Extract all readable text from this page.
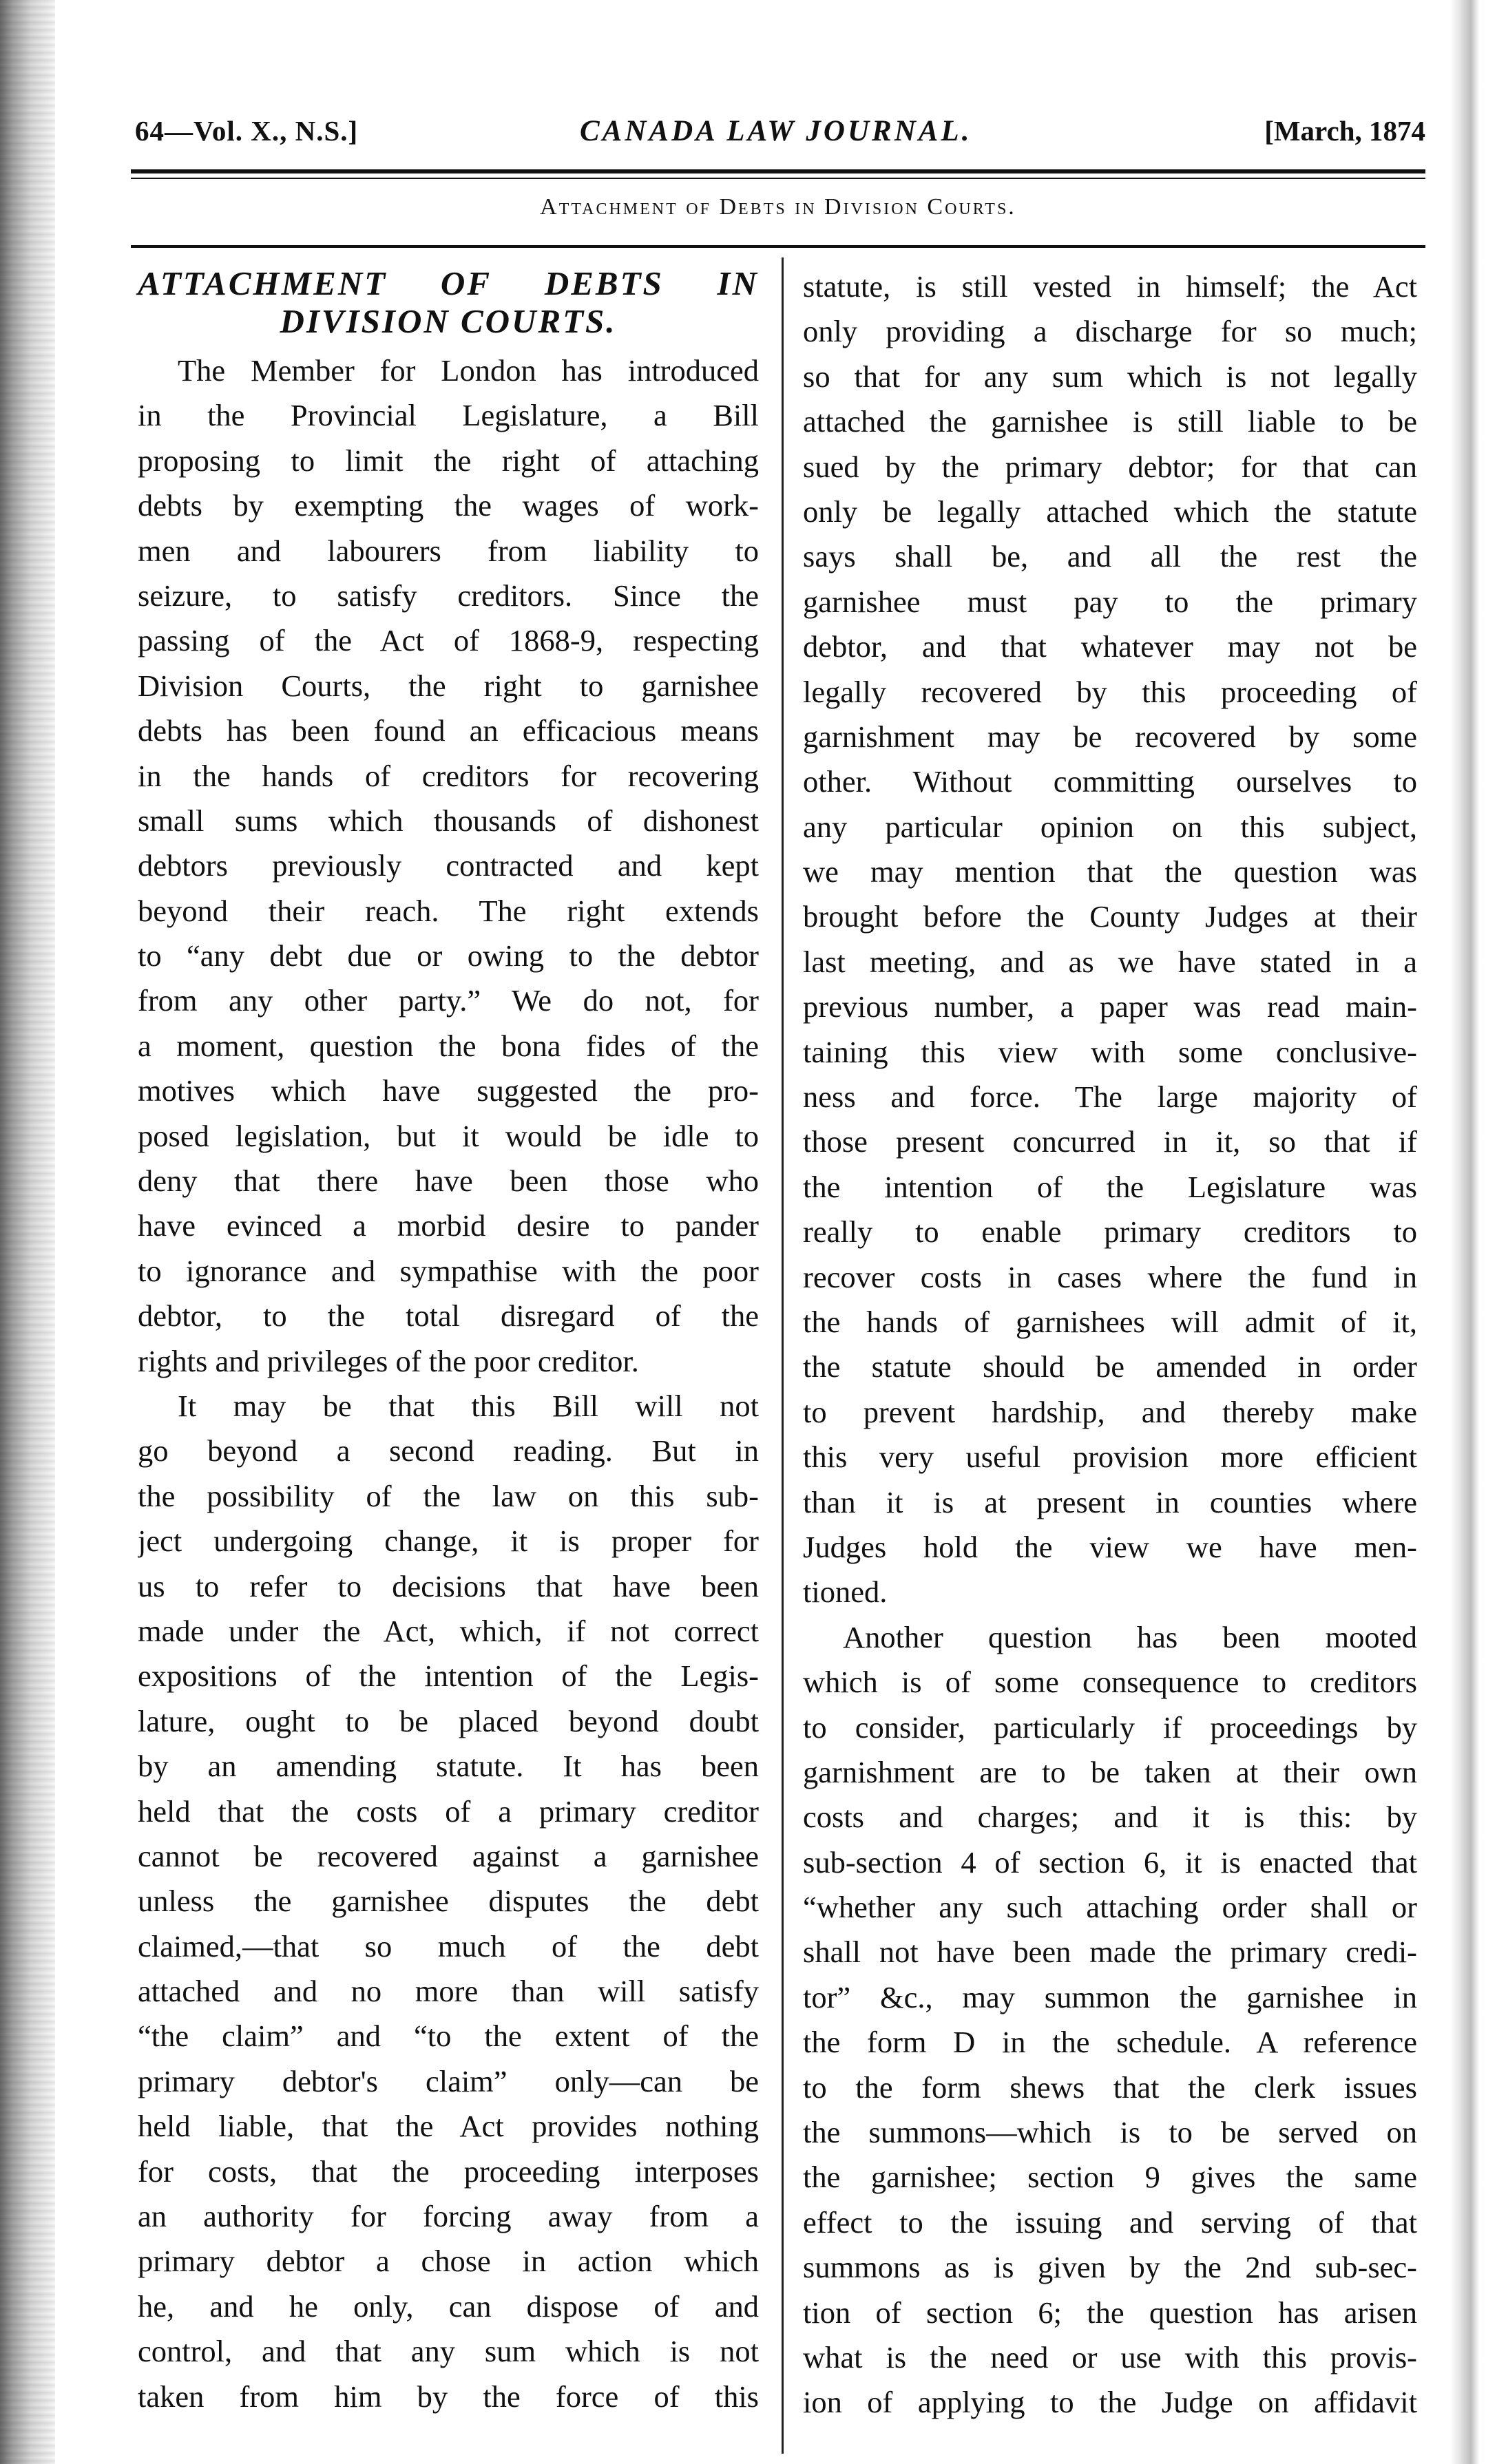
64—Vol. X., N.S.]	CANADA LAW JOURNAL.	[March, 1874
Attachment of Debts in Division Courts.
ATTACHMENT OF DEBTS IN
DIVISION COURTS.
The Member for London has introduced
in the Provincial Legislature, a Bill
proposing to limit the right of attaching
debts by exempting the wages of work-
men and labourers from liability to
seizure, to satisfy creditors. Since the
passing of the Act of 1868-9, respecting
Division Courts, the right to garnishee
debts has been found an efficacious means
in the hands of creditors for recovering
small sums which thousands of dishonest
debtors previously contracted and kept
beyond their reach. The right extends
to “any debt due or owing to the debtor
from any other party.” We do not, for
a moment, question the bona fides of the
motives which have suggested the pro-
posed legislation, but it would be idle to
deny that there have been those who
have evinced a morbid desire to pander
to ignorance and sympathise with the poor
debtor, to the total disregard of the
rights and privileges of the poor creditor.
It may be that this Bill will not
go beyond a second reading. But in
the possibility of the law on this sub-
ject undergoing change, it is proper for
us to refer to decisions that have been
made under the Act, which, if not correct
expositions of the intention of the Legis-
lature, ought to be placed beyond doubt
by an amending statute. It has been
held that the costs of a primary creditor
cannot be recovered against a garnishee
unless the garnishee disputes the debt
claimed,—that so much of the debt
attached and no more than will satisfy
“the claim” and “to the extent of the
primary debtor's claim” only—can be
held liable, that the Act provides nothing
for costs, that the proceeding interposes
an authority for forcing away from a
primary debtor a chose in action which
he, and he only, can dispose of and
control, and that any sum which is not
taken from him by the force of this
statute, is still vested in himself; the Act
only providing a discharge for so much;
so that for any sum which is not legally
attached the garnishee is still liable to be
sued by the primary debtor; for that can
only be legally attached which the statute
says shall be, and all the rest the
garnishee must pay to the primary
debtor, and that whatever may not be
legally recovered by this proceeding of
garnishment may be recovered by some
other. Without committing ourselves to
any particular opinion on this subject,
we may mention that the question was
brought before the County Judges at their
last meeting, and as we have stated in a
previous number, a paper was read main-
taining this view with some conclusive-
ness and force. The large majority of
those present concurred in it, so that if
the intention of the Legislature was
really to enable primary creditors to
recover costs in cases where the fund in
the hands of garnishees will admit of it,
the statute should be amended in order
to prevent hardship, and thereby make
this very useful provision more efficient
than it is at present in counties where
Judges hold the view we have men-
tioned.
Another question has been mooted
which is of some consequence to creditors
to consider, particularly if proceedings by
garnishment are to be taken at their own
costs and charges; and it is this: by
sub-section 4 of section 6, it is enacted that
“whether any such attaching order shall or
shall not have been made the primary credi-
tor” &c., may summon the garnishee in
the form D in the schedule. A reference
to the form shews that the clerk issues
the summons—which is to be served on
the garnishee; section 9 gives the same
effect to the issuing and serving of that
summons as is given by the 2nd sub-sec-
tion of section 6; the question has arisen
what is the need or use with this provis-
ion of applying to the Judge on affidavit
